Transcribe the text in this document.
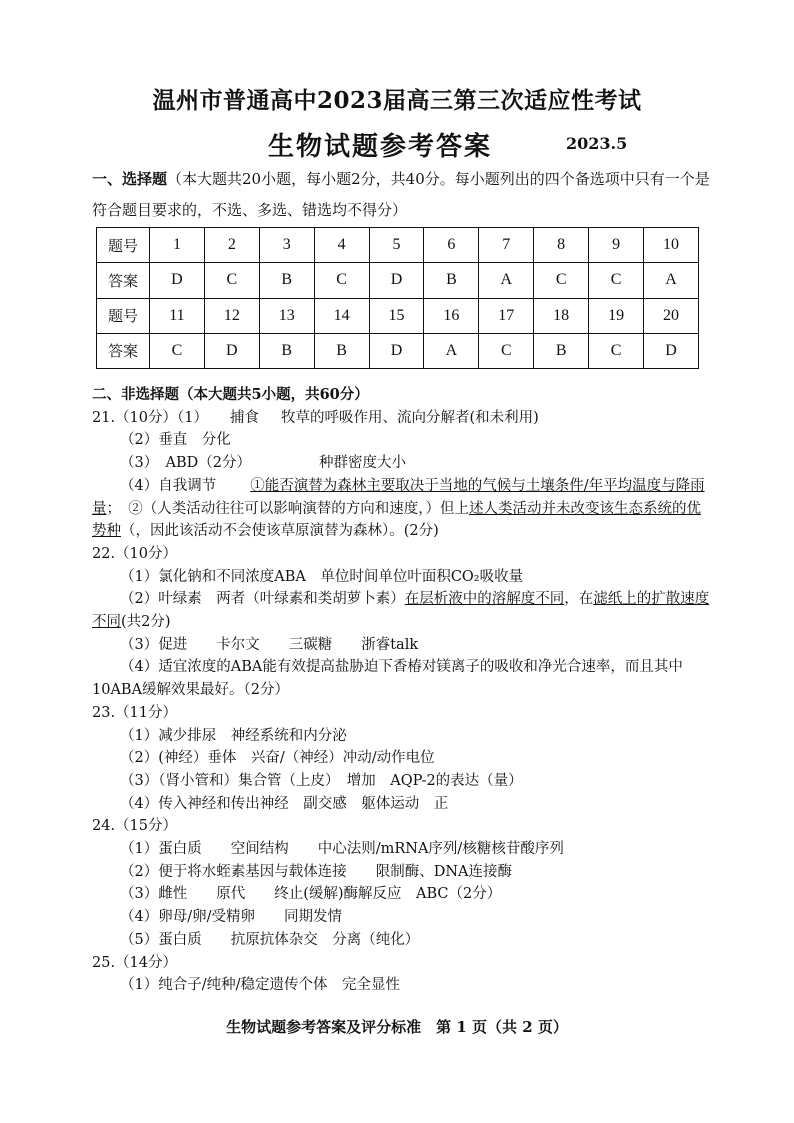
温州市普通高中2023届高三第三次适应性考试
生物试题参考答案	2023.5
一、选择题（本大题共20小题，每小题2分，共40分。每小题列出的四个备选项中只有一个是符合题目要求的，不选、多选、错选均不得分）
题号	1	2	3	4	5	6	7	8	9	10
答案	D	C	B	C	D	B	A	C	C	A
题号	11	12	13	14	15	16	17	18	19	20
答案	C	D	B	B	D	A	C	B	C	D
二、非选择题（本大题共5小题，共60分）
21.（10分）（1） 捕食 牧草的呼吸作用、流向分解者(和未利用)
（2）垂直　分化
（3）　ABD（2分）	种群密度大小
（4）自我调节 ①能否演替为森林主要取决于当地的气候与土壤条件/年平均温度与降雨量；　②（人类活动往往可以影响演替的方向和速度，）但上述人类活动并未改变该生态系统的优势种（，因此该活动不会使该草原演替为森林）。(2分)
22.（10分）
（1）氯化钠和不同浓度ABA　单位时间单位叶面积CO₂吸收量
（2）叶绿素　两者（叶绿素和类胡萝卜素）在层析液中的溶解度不同，在滤纸上的扩散速度不同(共2分)
（3）促进　　卡尔文　　三碳糖　　浙睿talk
（4）适宜浓度的ABA能有效提高盐胁迫下香椿对镁离子的吸收和净光合速率，而且其中10ABA缓解效果最好。（2分）
23.（11分）
（1）减少排尿　神经系统和内分泌
（2）(神经）垂体　兴奋/（神经）冲动/动作电位
（3）（肾小管和）集合管（上皮）　增加　AQP-2的表达（量）
（4）传入神经和传出神经　副交感　躯体运动　正
24.（15分）
（1）蛋白质　　空间结构　　中心法则/mRNA序列/核糖核苷酸序列
（2）便于将水蛭素基因与载体连接　　限制酶、DNA连接酶
（3）雌性　　原代　　终止(缓解)酶解反应　ABC（2分）
（4）卵母/卵/受精卵　　同期发情
（5）蛋白质　　抗原抗体杂交　分离（纯化）
25.（14分）
（1）纯合子/纯种/稳定遗传个体　完全显性
生物试题参考答案及评分标准　第 1 页（共 2 页）
